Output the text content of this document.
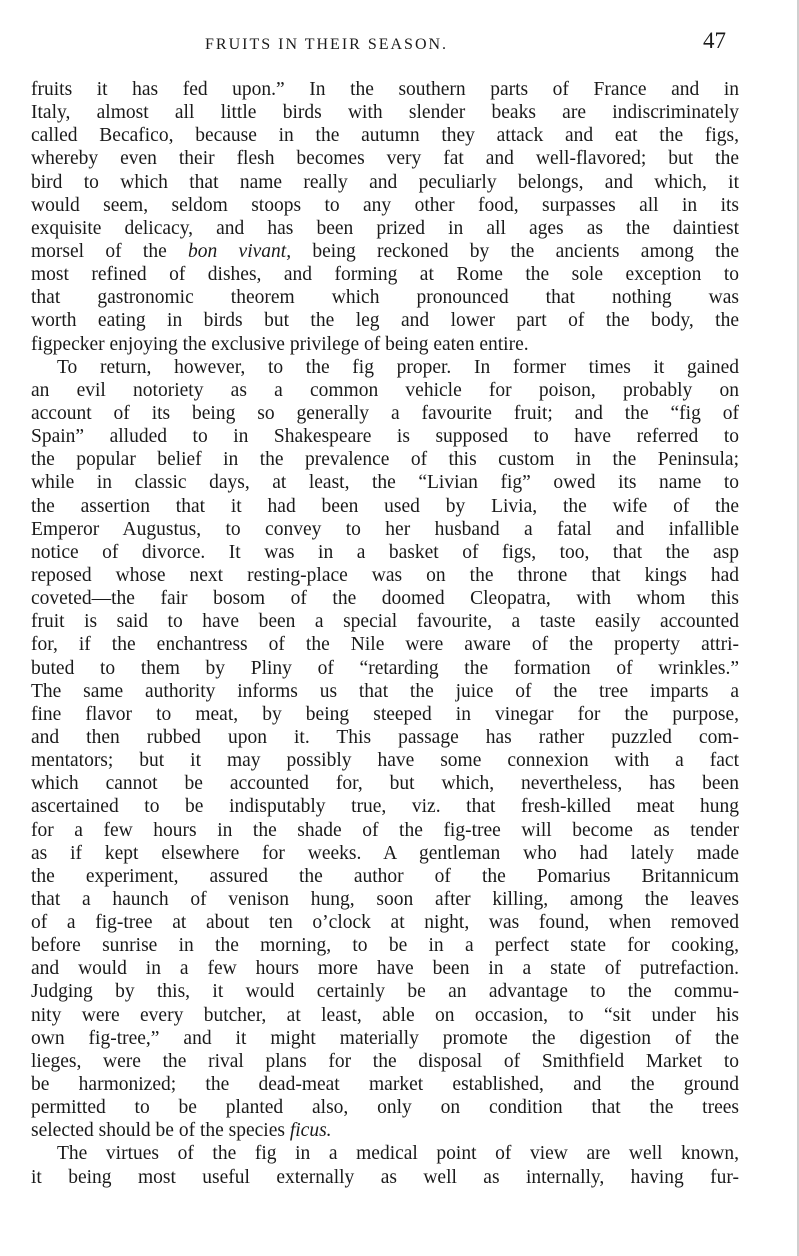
FRUITS IN THEIR SEASON.	47
fruits it has fed upon.” In the southern parts of France and in
Italy, almost all little birds with slender beaks are indiscriminately
called Becafico, because in the autumn they attack and eat the figs,
whereby even their flesh becomes very fat and well-flavored; but the
bird to which that name really and peculiarly belongs, and which, it
would seem, seldom stoops to any other food, surpasses all in its
exquisite delicacy, and has been prized in all ages as the daintiest
morsel of the bon vivant, being reckoned by the ancients among the
most refined of dishes, and forming at Rome the sole exception to
that gastronomic theorem which pronounced that nothing was
worth eating in birds but the leg and lower part of the body, the
figpecker enjoying the exclusive privilege of being eaten entire.
To return, however, to the fig proper. In former times it gained
an evil notoriety as a common vehicle for poison, probably on
account of its being so generally a favourite fruit; and the “fig of
Spain” alluded to in Shakespeare is supposed to have referred to
the popular belief in the prevalence of this custom in the Peninsula;
while in classic days, at least, the “Livian fig” owed its name to
the assertion that it had been used by Livia, the wife of the
Emperor Augustus, to convey to her husband a fatal and infallible
notice of divorce. It was in a basket of figs, too, that the asp
reposed whose next resting-place was on the throne that kings had
coveted—the fair bosom of the doomed Cleopatra, with whom this
fruit is said to have been a special favourite, a taste easily accounted
for, if the enchantress of the Nile were aware of the property attri-
buted to them by Pliny of “retarding the formation of wrinkles.”
The same authority informs us that the juice of the tree imparts a
fine flavor to meat, by being steeped in vinegar for the purpose,
and then rubbed upon it. This passage has rather puzzled com-
mentators; but it may possibly have some connexion with a fact
which cannot be accounted for, but which, nevertheless, has been
ascertained to be indisputably true, viz. that fresh-killed meat hung
for a few hours in the shade of the fig-tree will become as tender
as if kept elsewhere for weeks. A gentleman who had lately made
the experiment, assured the author of the Pomarius Britannicum
that a haunch of venison hung, soon after killing, among the leaves
of a fig-tree at about ten o’clock at night, was found, when removed
before sunrise in the morning, to be in a perfect state for cooking,
and would in a few hours more have been in a state of putrefaction.
Judging by this, it would certainly be an advantage to the commu-
nity were every butcher, at least, able on occasion, to “sit under his
own fig-tree,” and it might materially promote the digestion of the
lieges, were the rival plans for the disposal of Smithfield Market to
be harmonized; the dead-meat market established, and the ground
permitted to be planted also, only on condition that the trees
selected should be of the species ficus.
The virtues of the fig in a medical point of view are well known,
it being most useful externally as well as internally, having fur-
